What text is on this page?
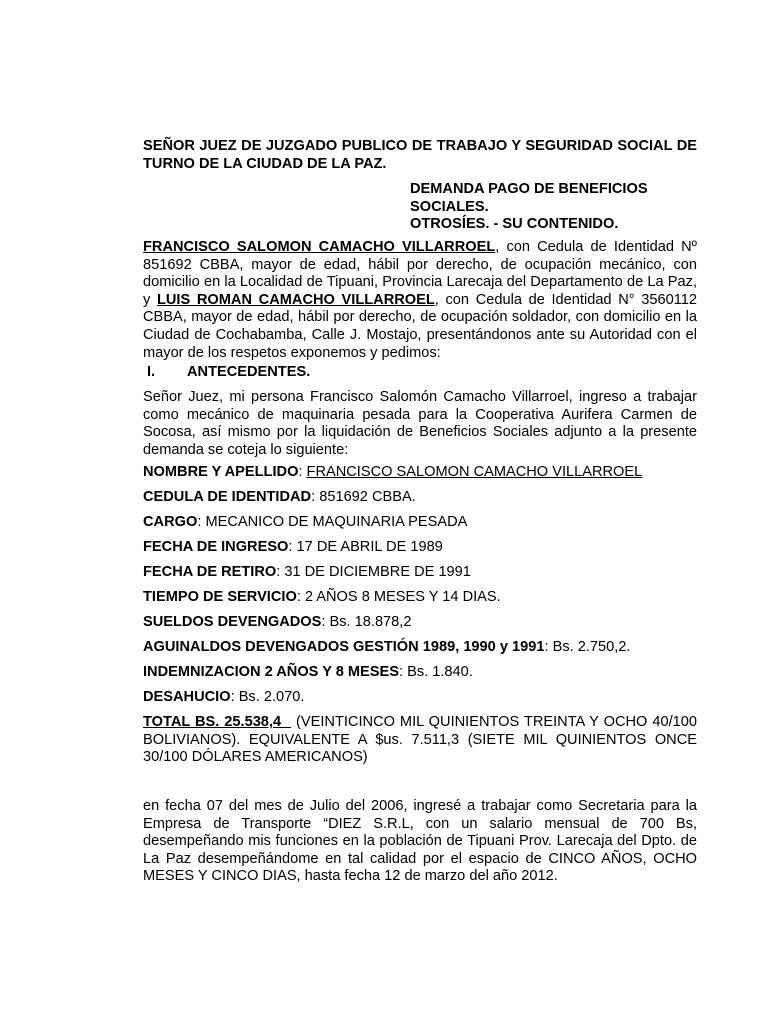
SEÑOR JUEZ DE JUZGADO PUBLICO DE TRABAJO Y SEGURIDAD SOCIAL DE TURNO DE LA CIUDAD DE LA PAZ.

DEMANDA PAGO DE BENEFICIOS SOCIALES.
OTROSÍES. - SU CONTENIDO.

FRANCISCO SALOMON CAMACHO VILLARROEL, con Cedula de Identidad Nº 851692 CBBA, mayor de edad, hábil por derecho, de ocupación mecánico, con domicilio en la Localidad de Tipuani, Provincia Larecaja del Departamento de La Paz, y LUIS ROMAN CAMACHO VILLARROEL, con Cedula de Identidad N° 3560112 CBBA, mayor de edad, hábil por derecho, de ocupación soldador, con domicilio en la Ciudad de Cochabamba, Calle J. Mostajo, presentándonos ante su Autoridad con el mayor de los respetos exponemos y pedimos:

I. ANTECEDENTES.

Señor Juez, mi persona Francisco Salomón Camacho Villarroel, ingreso a trabajar como mecánico de maquinaria pesada para la Cooperativa Aurifera Carmen de Socosa, así mismo por la liquidación de Beneficios Sociales adjunto a la presente demanda se coteja lo siguiente:

NOMBRE Y APELLIDO: FRANCISCO SALOMON CAMACHO VILLARROEL

CEDULA DE IDENTIDAD: 851692 CBBA.

CARGO: MECANICO DE MAQUINARIA PESADA

FECHA DE INGRESO: 17 DE ABRIL DE 1989

FECHA DE RETIRO: 31 DE DICIEMBRE DE 1991

TIEMPO DE SERVICIO: 2 AÑOS 8 MESES Y 14 DIAS.

SUELDOS DEVENGADOS: Bs. 18.878,2

AGUINALDOS DEVENGADOS GESTIÓN 1989, 1990 y 1991: Bs. 2.750,2.

INDEMNIZACION 2 AÑOS Y 8 MESES: Bs. 1.840.

DESAHUCIO: Bs. 2.070.

TOTAL BS. 25.538,4 (VEINTICINCO MIL QUINIENTOS TREINTA Y OCHO 40/100 BOLIVIANOS). EQUIVALENTE A $us. 7.511,3 (SIETE MIL QUINIENTOS ONCE 30/100 DÓLARES AMERICANOS)

en fecha 07 del mes de Julio del 2006, ingresé a trabajar como Secretaria para la Empresa de Transporte “DIEZ S.R.L, con un salario mensual de 700 Bs, desempeñando mis funciones en la población de Tipuani Prov. Larecaja del Dpto. de La Paz desempeñándome en tal calidad por el espacio de CINCO AÑOS, OCHO MESES Y CINCO DIAS, hasta fecha 12 de marzo del año 2012.
